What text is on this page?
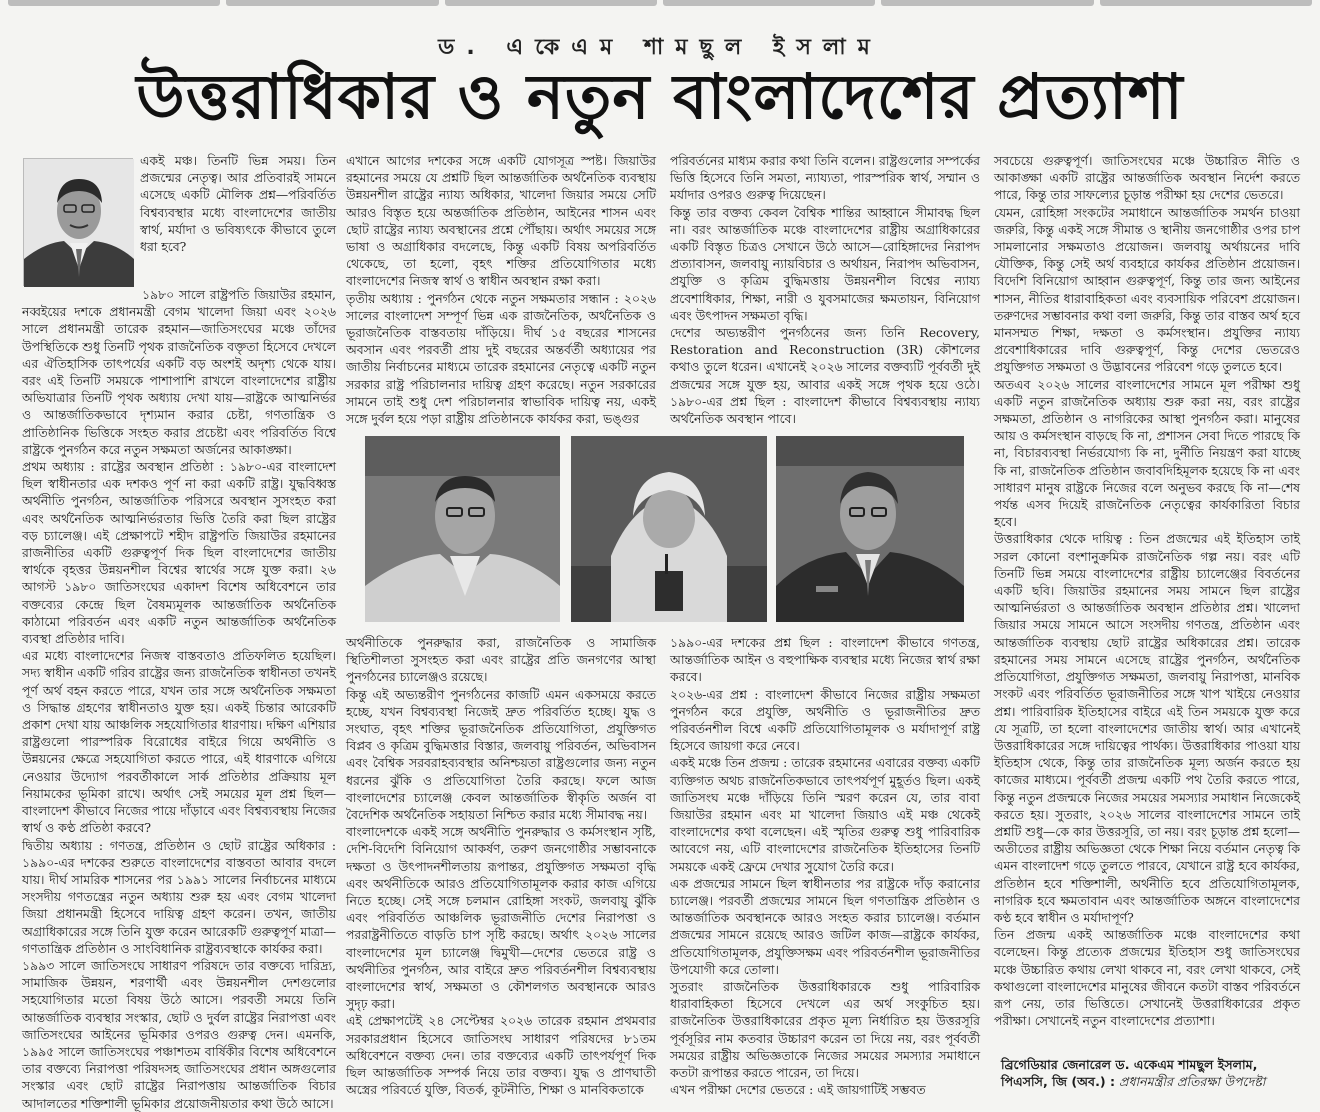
ড. একেএম শামছুল ইসলাম
উত্তরাধিকার ও নতুন বাংলাদেশের প্রত্যাশা

একই মঞ্চ। তিনটি ভিন্ন সময়। তিন প্রজন্মের নেতৃত্ব। আর প্রতিবারই সামনে এসেছে একটি মৌলিক প্রশ্ন—পরিবর্তিত বিশ্বব্যবস্থার মধ্যে বাংলাদেশের জাতীয় স্বার্থ, মর্যাদা ও ভবিষ্যৎকে কীভাবে তুলে ধরা হবে?

১৯৮০ সালে রাষ্ট্রপতি জিয়াউর রহমান, নব্বইয়ের দশকে প্রধানমন্ত্রী বেগম খালেদা জিয়া এবং ২০২৬ সালে প্রধানমন্ত্রী তারেক রহমান—জাতিসংঘের মঞ্চে তাঁদের উপস্থিতিকে শুধু তিনটি পৃথক রাজনৈতিক বক্তৃতা হিসেবে দেখলে এর ঐতিহাসিক তাৎপর্যের একটি বড় অংশই অদৃশ্য থেকে যায়। বরং এই তিনটি সময়কে পাশাপাশি রাখলে বাংলাদেশের রাষ্ট্রীয় অভিযাত্রার তিনটি পৃথক অধ্যায় দেখা যায়—রাষ্ট্রকে আত্মনির্ভর ও আন্তর্জাতিকভাবে দৃশ্যমান করার চেষ্টা, গণতান্ত্রিক ও প্রাতিষ্ঠানিক ভিত্তিকে সংহত করার প্রচেষ্টা এবং পরিবর্তিত বিশ্বে রাষ্ট্রকে পুনর্গঠন করে নতুন সক্ষমতা অর্জনের আকাঙ্ক্ষা।

প্রথম অধ্যায় : রাষ্ট্রের অবস্থান প্রতিষ্ঠা : ১৯৮০-এর বাংলাদেশ ছিল স্বাধীনতার এক দশকও পূর্ণ না করা একটি রাষ্ট্র। যুদ্ধবিধ্বস্ত অর্থনীতি পুনর্গঠন, আন্তর্জাতিক পরিসরে অবস্থান সুসংহত করা এবং অর্থনৈতিক আত্মনির্ভরতার ভিত্তি তৈরি করা ছিল রাষ্ট্রের বড় চ্যালেঞ্জ। এই প্রেক্ষাপটে শহীদ রাষ্ট্রপতি জিয়াউর রহমানের রাজনীতির একটি গুরুত্বপূর্ণ দিক ছিল বাংলাদেশের জাতীয় স্বার্থকে বৃহত্তর উন্নয়নশীল বিশ্বের স্বার্থের সঙ্গে যুক্ত করা। ২৬ আগস্ট ১৯৮০ জাতিসংঘের একাদশ বিশেষ অধিবেশনে তার বক্তব্যের কেন্দ্রে ছিল বৈষম্যমূলক আন্তর্জাতিক অর্থনৈতিক কাঠামো পরিবর্তন এবং একটি নতুন আন্তর্জাতিক অর্থনৈতিক ব্যবস্থা প্রতিষ্ঠার দাবি।

এর মধ্যে বাংলাদেশের নিজস্ব বাস্তবতাও প্রতিফলিত হয়েছিল। সদ্য স্বাধীন একটি গরিব রাষ্ট্রের জন্য রাজনৈতিক স্বাধীনতা তখনই পূর্ণ অর্থ বহন করতে পারে, যখন তার সঙ্গে অর্থনৈতিক সক্ষমতা ও সিদ্ধান্ত গ্রহণের স্বাধীনতাও যুক্ত হয়। একই চিন্তার আরেকটি প্রকাশ দেখা যায় আঞ্চলিক সহযোগিতার ধারণায়। দক্ষিণ এশিয়ার রাষ্ট্রগুলো পারস্পরিক বিরোধের বাইরে গিয়ে অর্থনীতি ও উন্নয়নের ক্ষেত্রে সহযোগিতা করতে পারে, এই ধারণাকে এগিয়ে নেওয়ার উদ্যোগ পরবর্তীকালে সার্ক প্রতিষ্ঠার প্রক্রিয়ায় মূল নিয়ামকের ভূমিকা রাখে। অর্থাৎ সেই সময়ের মূল প্রশ্ন ছিল—বাংলাদেশ কীভাবে নিজের পায়ে দাঁড়াবে এবং বিশ্বব্যবস্থায় নিজের স্বার্থ ও কণ্ঠ প্রতিষ্ঠা করবে?

দ্বিতীয় অধ্যায় : গণতন্ত্র, প্রতিষ্ঠান ও ছোট রাষ্ট্রের অধিকার : ১৯৯০-এর দশকের শুরুতে বাংলাদেশের বাস্তবতা আবার বদলে যায়। দীর্ঘ সামরিক শাসনের পর ১৯৯১ সালের নির্বাচনের মাধ্যমে সংসদীয় গণতন্ত্রের নতুন অধ্যায় শুরু হয় এবং বেগম খালেদা জিয়া প্রধানমন্ত্রী হিসেবে দায়িত্ব গ্রহণ করেন। তখন, জাতীয় অগ্রাধিকারের সঙ্গে তিনি যুক্ত করেন আরেকটি গুরুত্বপূর্ণ মাত্রা—গণতান্ত্রিক প্রতিষ্ঠান ও সাংবিধানিক রাষ্ট্রব্যবস্থাকে কার্যকর করা।

১৯৯৩ সালে জাতিসংঘে সাধারণ পরিষদে তার বক্তব্যে দারিদ্র্য, সামাজিক উন্নয়ন, শরণার্থী এবং উন্নয়নশীল দেশগুলোর সহযোগিতার মতো বিষয় উঠে আসে। পরবর্তী সময়ে তিনি আন্তর্জাতিক ব্যবস্থার সংস্কার, ছোট ও দুর্বল রাষ্ট্রের নিরাপত্তা এবং জাতিসংঘের আইনের ভূমিকার ওপরও গুরুত্ব দেন। এমনকি, ১৯৯৫ সালে জাতিসংঘের পঞ্চাশতম বার্ষিকীর বিশেষ অধিবেশনে তার বক্তব্যে নিরাপত্তা পরিষদসহ জাতিসংঘের প্রধান অঙ্গগুলোর সংস্কার এবং ছোট রাষ্ট্রের নিরাপত্তায় আন্তর্জাতিক বিচার আদালতের শক্তিশালী ভূমিকার প্রয়োজনীয়তার কথা উঠে আসে।

এখানে আগের দশকের সঙ্গে একটি যোগসূত্র স্পষ্ট। জিয়াউর রহমানের সময়ে যে প্রশ্নটি ছিল আন্তর্জাতিক অর্থনৈতিক ব্যবস্থায় উন্নয়নশীল রাষ্ট্রের ন্যায্য অধিকার, খালেদা জিয়ার সময়ে সেটি আরও বিস্তৃত হয়ে অন্তর্জাতিক প্রতিষ্ঠান, আইনের শাসন এবং ছোট রাষ্ট্রের ন্যায্য অবস্থানের প্রশ্নে পৌঁছায়। অর্থাৎ সময়ের সঙ্গে ভাষা ও অগ্রাধিকার বদলেছে, কিন্তু একটি বিষয় অপরিবর্তিত থেকেছে, তা হলো, বৃহৎ শক্তির প্রতিযোগিতার মধ্যে বাংলাদেশের নিজস্ব স্বার্থ ও স্বাধীন অবস্থান রক্ষা করা।

তৃতীয় অধ্যায় : পুনর্গঠন থেকে নতুন সক্ষমতার সন্ধান : ২০২৬ সালের বাংলাদেশ সম্পূর্ণ ভিন্ন এক রাজনৈতিক, অর্থনৈতিক ও ভূরাজনৈতিক বাস্তবতায় দাঁড়িয়ে। দীর্ঘ ১৫ বছরের শাসনের অবসান এবং পরবর্তী প্রায় দুই বছরের অন্তর্বর্তী অধ্যায়ের পর জাতীয় নির্বাচনের মাধ্যমে তারেক রহমানের নেতৃত্বে একটি নতুন সরকার রাষ্ট্র পরিচালনার দায়িত্ব গ্রহণ করেছে। নতুন সরকারের সামনে তাই শুধু দেশ পরিচালনার স্বাভাবিক দায়িত্ব নয়, একই সঙ্গে দুর্বল হয়ে পড়া রাষ্ট্রীয় প্রতিষ্ঠানকে কার্যকর করা, ভঙ্গুর

পরিবর্তনের মাধ্যম করার কথা তিনি বলেন। রাষ্ট্রগুলোর সম্পর্কের ভিত্তি হিসেবে তিনি সমতা, ন্যায্যতা, পারস্পরিক স্বার্থ, সম্মান ও মর্যাদার ওপরও গুরুত্ব দিয়েছেন।

কিন্তু তার বক্তব্য কেবল বৈশ্বিক শান্তির আহ্বানে সীমাবদ্ধ ছিল না। বরং আন্তর্জাতিক মঞ্চে বাংলাদেশের রাষ্ট্রীয় অগ্রাধিকারের একটি বিস্তৃত চিত্রও সেখানে উঠে আসে—রোহিঙ্গাদের নিরাপদ প্রত্যাবাসন, জলবায়ু ন্যায়বিচার ও অর্থায়ন, নিরাপদ অভিবাসন, প্রযুক্তি ও কৃত্রিম বুদ্ধিমত্তায় উন্নয়নশীল বিশ্বের ন্যায্য প্রবেশাধিকার, শিক্ষা, নারী ও যুবসমাজের ক্ষমতায়ন, বিনিয়োগ এবং উৎপাদন সক্ষমতা বৃদ্ধি।

দেশের অভ্যন্তরীণ পুনর্গঠনের জন্য তিনি Recovery, Restoration and Reconstruction (3R) কৌশলের কথাও তুলে ধরেন। এখানেই ২০২৬ সালের বক্তব্যটি পূর্ববর্তী দুই প্রজন্মের সঙ্গে যুক্ত হয়, আবার একই সঙ্গে পৃথক হয়ে ওঠে। ১৯৮০-এর প্রশ্ন ছিল : বাংলাদেশ কীভাবে বিশ্বব্যবস্থায় ন্যায্য অর্থনৈতিক অবস্থান পাবে।

অর্থনীতিকে পুনরুদ্ধার করা, রাজনৈতিক ও সামাজিক স্থিতিশীলতা সুসংহত করা এবং রাষ্ট্রের প্রতি জনগণের আস্থা পুনর্গঠনের চ্যালেঞ্জও রয়েছে।

কিন্তু এই অভ্যন্তরীণ পুনর্গঠনের কাজটি এমন একসময়ে করতে হচ্ছে, যখন বিশ্বব্যবস্থা নিজেই দ্রুত পরিবর্তিত হচ্ছে। যুদ্ধ ও সংঘাত, বৃহৎ শক্তির ভূরাজনৈতিক প্রতিযোগিতা, প্রযুক্তিগত বিপ্লব ও কৃত্রিম বুদ্ধিমত্তার বিস্তার, জলবায়ু পরিবর্তন, অভিবাসন এবং বৈশ্বিক সরবরাহব্যবস্থার অনিশ্চয়তা রাষ্ট্রগুলোর জন্য নতুন ধরনের ঝুঁকি ও প্রতিযোগিতা তৈরি করছে। ফলে আজ বাংলাদেশের চ্যালেঞ্জ কেবল আন্তর্জাতিক স্বীকৃতি অর্জন বা বৈদেশিক অর্থনৈতিক সহায়তা নিশ্চিত করার মধ্যে সীমাবদ্ধ নয়।

বাংলাদেশকে একই সঙ্গে অর্থনীতি পুনরুদ্ধার ও কর্মসংস্থান সৃষ্টি, দেশি-বিদেশি বিনিয়োগ আকর্ষণ, তরুণ জনগোষ্ঠীর সম্ভাবনাকে দক্ষতা ও উৎপাদনশীলতায় রূপান্তর, প্রযুক্তিগত সক্ষমতা বৃদ্ধি এবং অর্থনীতিকে আরও প্রতিযোগিতামূলক করার কাজ এগিয়ে নিতে হচ্ছে। সেই সঙ্গে চলমান রোহিঙ্গা সংকট, জলবায়ু ঝুঁকি এবং পরিবর্তিত আঞ্চলিক ভূরাজনীতি দেশের নিরাপত্তা ও পররাষ্ট্রনীতিতে বাড়তি চাপ সৃষ্টি করছে। অর্থাৎ ২০২৬ সালের বাংলাদেশের মূল চ্যালেঞ্জ দ্বিমুখী—দেশের ভেতরে রাষ্ট্র ও অর্থনীতির পুনর্গঠন, আর বাইরে দ্রুত পরিবর্তনশীল বিশ্বব্যবস্থায় বাংলাদেশের স্বার্থ, সক্ষমতা ও কৌশলগত অবস্থানকে আরও সুদৃঢ় করা।

এই প্রেক্ষাপটেই ২৪ সেপ্টেম্বর ২০২৬ তারেক রহমান প্রথমবার সরকারপ্রধান হিসেবে জাতিসংঘ সাধারণ পরিষদের ৮১তম অধিবেশনে বক্তব্য দেন। তার বক্তব্যের একটি তাৎপর্যপূর্ণ দিক ছিল আন্তর্জাতিক সম্পর্ক নিয়ে তার বক্তব্য। যুদ্ধ ও প্রাণঘাতী অস্ত্রের পরিবর্তে যুক্তি, বিতর্ক, কূটনীতি, শিক্ষা ও মানবিকতাকে

১৯৯০-এর দশকের প্রশ্ন ছিল : বাংলাদেশ কীভাবে গণতন্ত্র, আন্তর্জাতিক আইন ও বহুপাক্ষিক ব্যবস্থার মধ্যে নিজের স্বার্থ রক্ষা করবে।

২০২৬-এর প্রশ্ন : বাংলাদেশ কীভাবে নিজের রাষ্ট্রীয় সক্ষমতা পুনর্গঠন করে প্রযুক্তি, অর্থনীতি ও ভূরাজনীতির দ্রুত পরিবর্তনশীল বিশ্বে একটি প্রতিযোগিতামূলক ও মর্যাদাপূর্ণ রাষ্ট্র হিসেবে জায়গা করে নেবে।

একই মঞ্চে তিন প্রজন্ম : তারেক রহমানের এবারের বক্তব্য একটি ব্যক্তিগত অথচ রাজনৈতিকভাবে তাৎপর্যপূর্ণ মুহূর্তও ছিল। একই জাতিসংঘ মঞ্চে দাঁড়িয়ে তিনি স্মরণ করেন যে, তার বাবা জিয়াউর রহমান এবং মা খালেদা জিয়াও এই মঞ্চ থেকেই বাংলাদেশের কথা বলেছেন। এই স্মৃতির গুরুত্ব শুধু পারিবারিক আবেগে নয়, এটি বাংলাদেশের রাজনৈতিক ইতিহাসের তিনটি সময়কে একই ফ্রেমে দেখার সুযোগ তৈরি করে।

এক প্রজন্মের সামনে ছিল স্বাধীনতার পর রাষ্ট্রকে দাঁড় করানোর চ্যালেঞ্জ। পরবর্তী প্রজন্মের সামনে ছিল গণতান্ত্রিক প্রতিষ্ঠান ও আন্তর্জাতিক অবস্থানকে আরও সংহত করার চ্যালেঞ্জ। বর্তমান প্রজন্মের সামনে রয়েছে আরও জটিল কাজ—রাষ্ট্রকে কার্যকর, প্রতিযোগিতামূলক, প্রযুক্তিসক্ষম এবং পরিবর্তনশীল ভূরাজনীতির উপযোগী করে তোলা।

সুতরাং রাজনৈতিক উত্তরাধিকারকে শুধু পারিবারিক ধারাবাহিকতা হিসেবে দেখলে এর অর্থ সংকুচিত হয়। রাজনৈতিক উত্তরাধিকারের প্রকৃত মূল্য নির্ধারিত হয় উত্তরসূরি পূর্বসূরির নাম কতবার উচ্চারণ করেন তা দিয়ে নয়, বরং পূর্ববর্তী সময়ের রাষ্ট্রীয় অভিজ্ঞতাকে নিজের সময়ের সমস্যার সমাধানে কতটা রূপান্তর করতে পারেন, তা দিয়ে।

এখন পরীক্ষা দেশের ভেতরে : এই জায়গাটিই সম্ভবত

সবচেয়ে গুরুত্বপূর্ণ। জাতিসংঘের মঞ্চে উচ্চারিত নীতি ও আকাঙ্ক্ষা একটি রাষ্ট্রের আন্তর্জাতিক অবস্থান নির্দেশ করতে পারে, কিন্তু তার সাফল্যের চূড়ান্ত পরীক্ষা হয় দেশের ভেতরে।

যেমন, রোহিঙ্গা সংকটের সমাধানে আন্তর্জাতিক সমর্থন চাওয়া জরুরি, কিন্তু একই সঙ্গে সীমান্ত ও স্থানীয় জনগোষ্ঠীর ওপর চাপ সামলানোর সক্ষমতাও প্রয়োজন। জলবায়ু অর্থায়নের দাবি যৌক্তিক, কিন্তু সেই অর্থ ব্যবহারে কার্যকর প্রতিষ্ঠান প্রয়োজন। বিদেশি বিনিয়োগ আহ্বান গুরুত্বপূর্ণ, কিন্তু তার জন্য আইনের শাসন, নীতির ধারাবাহিকতা এবং ব্যবসায়িক পরিবেশ প্রয়োজন। তরুণদের সম্ভাবনার কথা বলা জরুরি, কিন্তু তার বাস্তব অর্থ হবে মানসম্মত শিক্ষা, দক্ষতা ও কর্মসংস্থান। প্রযুক্তির ন্যায্য প্রবেশাধিকারের দাবি গুরুত্বপূর্ণ, কিন্তু দেশের ভেতরেও প্রযুক্তিগত সক্ষমতা ও উদ্ভাবনের পরিবেশ গড়ে তুলতে হবে।

অতএব ২০২৬ সালের বাংলাদেশের সামনে মূল পরীক্ষা শুধু একটি নতুন রাজনৈতিক অধ্যায় শুরু করা নয়, বরং রাষ্ট্রের সক্ষমতা, প্রতিষ্ঠান ও নাগরিকের আস্থা পুনর্গঠন করা। মানুষের আয় ও কর্মসংস্থান বাড়ছে কি না, প্রশাসন সেবা দিতে পারছে কি না, বিচারব্যবস্থা নির্ভরযোগ্য কি না, দুর্নীতি নিয়ন্ত্রণ করা যাচ্ছে কি না, রাজনৈতিক প্রতিষ্ঠান জবাবদিহিমূলক হয়েছে কি না এবং সাধারণ মানুষ রাষ্ট্রকে নিজের বলে অনুভব করছে কি না—শেষ পর্যন্ত এসব দিয়েই রাজনৈতিক নেতৃত্বের কার্যকারিতা বিচার হবে।

উত্তরাধিকার থেকে দায়িত্ব : তিন প্রজন্মের এই ইতিহাস তাই সরল কোনো বংশানুক্রমিক রাজনৈতিক গল্প নয়। বরং এটি তিনটি ভিন্ন সময়ে বাংলাদেশের রাষ্ট্রীয় চ্যালেঞ্জের বিবর্তনের একটি ছবি। জিয়াউর রহমানের সময় সামনে ছিল রাষ্ট্রের আত্মনির্ভরতা ও আন্তর্জাতিক অবস্থান প্রতিষ্ঠার প্রশ্ন। খালেদা জিয়ার সময়ে সামনে আসে সংসদীয় গণতন্ত্র, প্রতিষ্ঠান এবং আন্তর্জাতিক ব্যবস্থায় ছোট রাষ্ট্রের অধিকারের প্রশ্ন। তারেক রহমানের সময় সামনে এসেছে রাষ্ট্রের পুনর্গঠন, অর্থনৈতিক প্রতিযোগিতা, প্রযুক্তিগত সক্ষমতা, জলবায়ু নিরাপত্তা, মানবিক সংকট এবং পরিবর্তিত ভূরাজনীতির সঙ্গে খাপ খাইয়ে নেওয়ার প্রশ্ন। পারিবারিক ইতিহাসের বাইরে এই তিন সময়কে যুক্ত করে যে সূত্রটি, তা হলো বাংলাদেশের জাতীয় স্বার্থ। আর এখানেই উত্তরাধিকারের সঙ্গে দায়িত্বের পার্থক্য। উত্তরাধিকার পাওয়া যায় ইতিহাস থেকে, কিন্তু তার রাজনৈতিক মূল্য অর্জন করতে হয় কাজের মাধ্যমে। পূর্ববর্তী প্রজন্ম একটি পথ তৈরি করতে পারে, কিন্তু নতুন প্রজন্মকে নিজের সময়ের সমস্যার সমাধান নিজেকেই করতে হয়। সুতরাং, ২০২৬ সালের বাংলাদেশের সামনে তাই প্রশ্নটি শুধু—কে কার উত্তরসূরি, তা নয়। বরং চূড়ান্ত প্রশ্ন হলো—অতীতের রাষ্ট্রীয় অভিজ্ঞতা থেকে শিক্ষা নিয়ে বর্তমান নেতৃত্ব কি এমন বাংলাদেশ গড়ে তুলতে পারবে, যেখানে রাষ্ট্র হবে কার্যকর, প্রতিষ্ঠান হবে শক্তিশালী, অর্থনীতি হবে প্রতিযোগিতামূলক, নাগরিক হবে ক্ষমতাবান এবং আন্তর্জাতিক অঙ্গনে বাংলাদেশের কণ্ঠ হবে স্বাধীন ও মর্যাদাপূর্ণ?

তিন প্রজন্ম একই আন্তর্জাতিক মঞ্চে বাংলাদেশের কথা বলেছেন। কিন্তু প্রত্যেক প্রজন্মের ইতিহাস শুধু জাতিসংঘের মঞ্চে উচ্চারিত কথায় লেখা থাকবে না, বরং লেখা থাকবে, সেই কথাগুলো বাংলাদেশের মানুষের জীবনে কতটা বাস্তব পরিবর্তনে রূপ নেয়, তার ভিত্তিতে। সেখানেই উত্তরাধিকারের প্রকৃত পরীক্ষা। সেখানেই নতুন বাংলাদেশের প্রত্যাশা।

ব্রিগেডিয়ার জেনারেল ড. একেএম শামছুল ইসলাম, পিএসসি, জি (অব.) : প্রধানমন্ত্রীর প্রতিরক্ষা উপদেষ্টা
